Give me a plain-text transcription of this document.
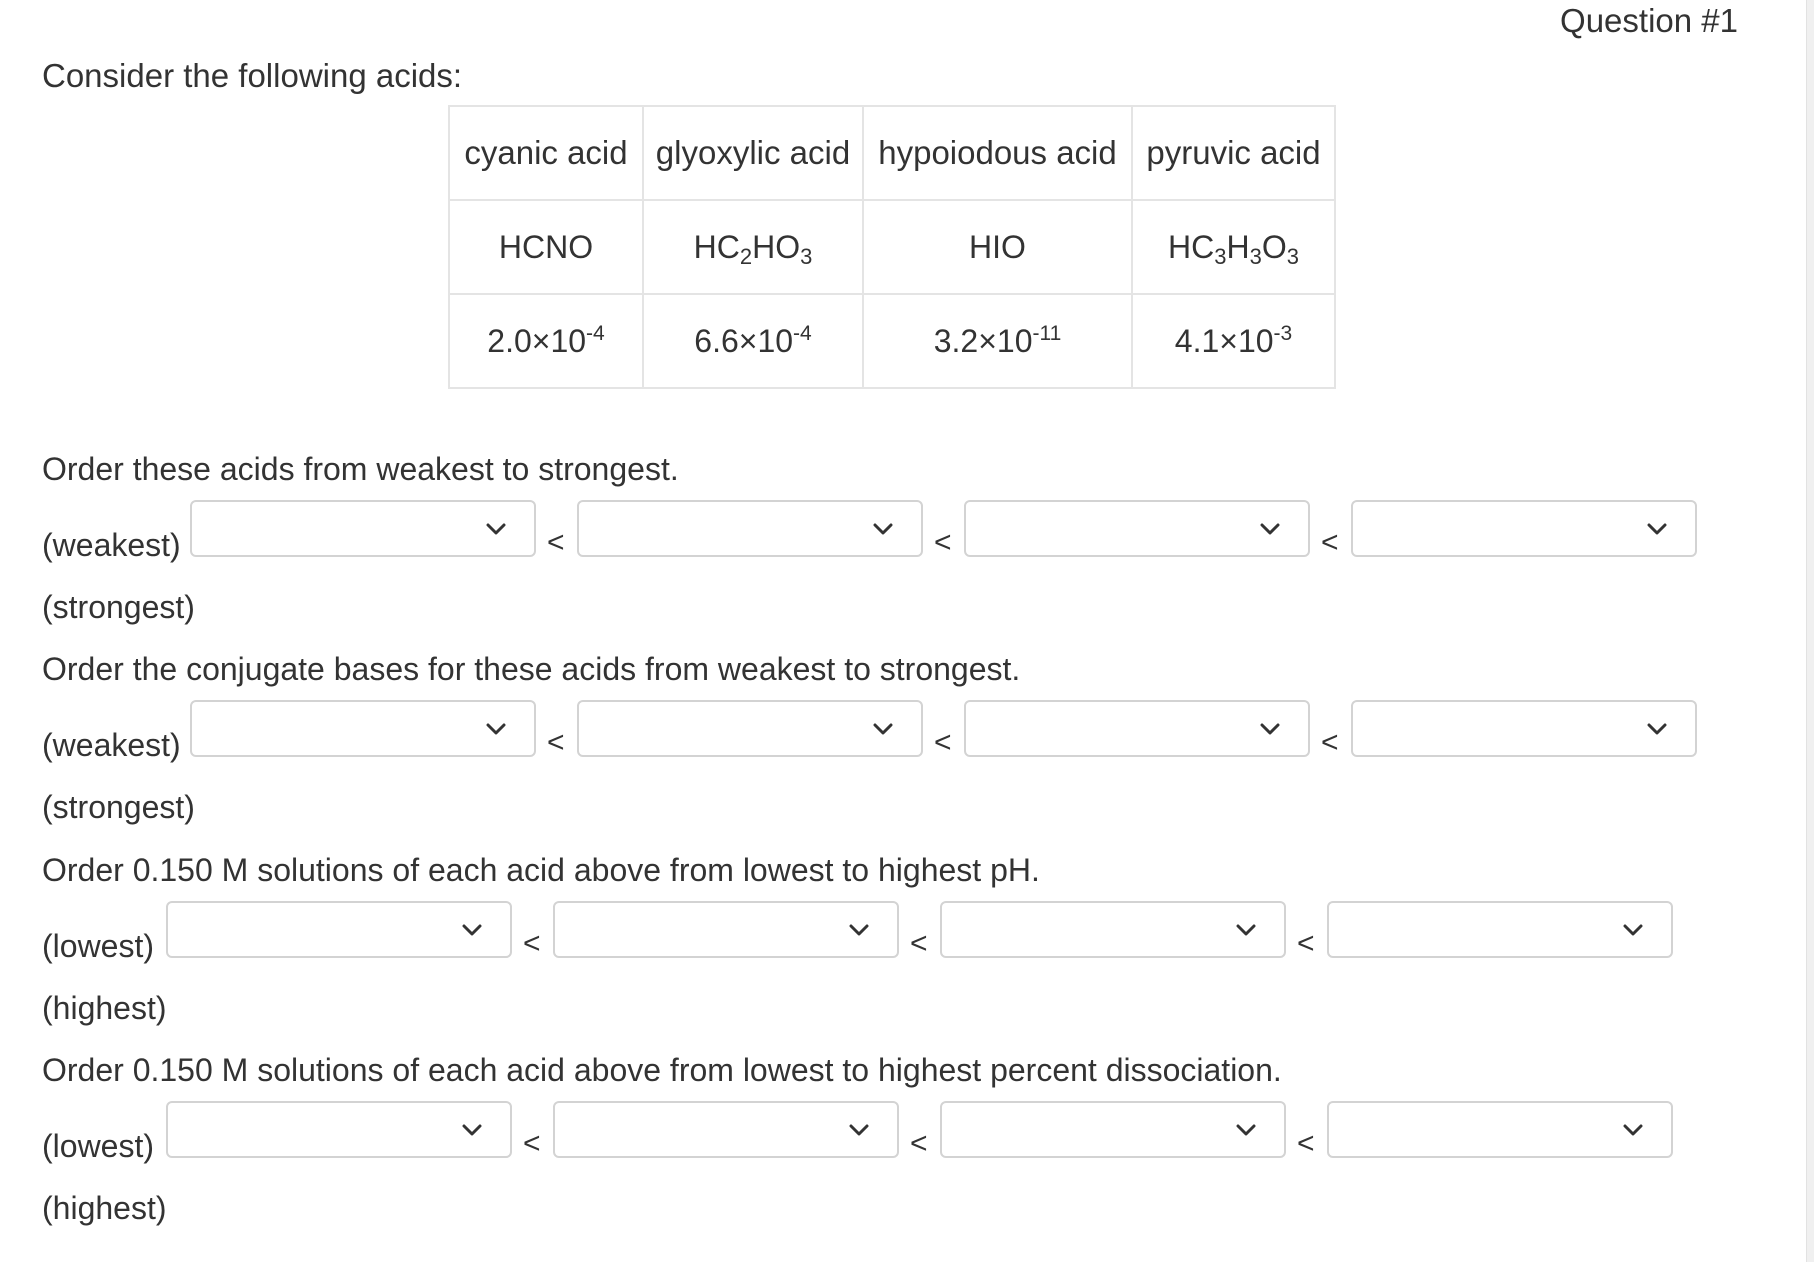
Question #1
Consider the following acids:
cyanic acid	glyoxylic acid	hypoiodous acid	pyruvic acid
HCNO	$HC_2HO_3$	HIO	$HC_3H_3O_3$
$2.0\times 10^{-4}$	$6.6\times 10^{-4}$	$3.2\times 10^{-11}$	$4.1\times 10^{-3}$
Order these acids from weakest to strongest.
(weakest)	<	<	<
(strongest)
Order the conjugate bases for these acids from weakest to strongest.
(weakest)	<	<	<
(strongest)
Order 0.150 M solutions of each acid above from lowest to highest pH.
(lowest)	<	<	<
(highest)
Order 0.150 M solutions of each acid above from lowest to highest percent dissociation.
(lowest)	<	<	<
(highest)
